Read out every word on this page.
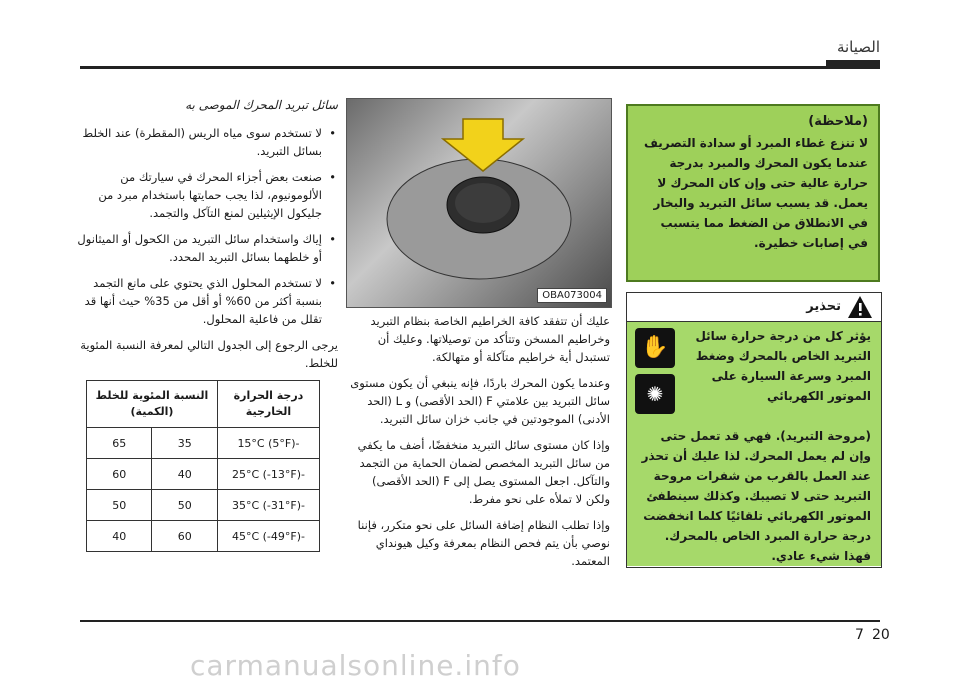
الصيانة
سائل تبريد المحرك الموصى به
• لا تستخدم سوى مياه الريس (المقطرة) عند الخلط بسائل التبريد.
• صنعت بعض أجزاء المحرك في سيارتك من الألومونيوم، لذا يجب حمايتها باستخدام مبرد من جليكول الإيثيلين لمنع التآكل والتجمد.
• إياك واستخدام سائل التبريد من الكحول أو الميثانول أو خلطهما بسائل التبريد المحدد.
• لا تستخدم المحلول الذي يحتوي على مانع التجمد بنسبة أكثر من 60% أو أقل من 35% حيث أنها قد تقلل من فاعلية المحلول.
يرجى الرجوع إلى الجدول التالي لمعرفة النسبة المئوية للخلط.
درجة الحرارة الخارجية	النسبة المئوية للخلط (الكمية)	
-15°C (5°F)	35	65
-25°C (-13°F)	40	60
-35°C (-31°F)	50	50
-45°C (-49°F)	60	40
OBA073004

عليك أن تتفقد كافة الخراطيم الخاصة بنظام التبريد وخراطيم المسخن وتتأكد من توصيلاتها. وعليك أن تستبدل أية خراطيم متآكلة أو متهالكة.

وعندما يكون المحرك باردًا، فإنه ينبغي أن يكون مستوى سائل التبريد بين علامتي F (الحد الأقصى) و L (الحد الأدنى) الموجودتين في جانب خزان سائل التبريد.

وإذا كان مستوى سائل التبريد منخفضًا، أضف ما يكفي من سائل التبريد المخصص لضمان الحماية من التجمد والتآكل. اجعل المستوى يصل إلى F (الحد الأقصى) ولكن لا تملأه على نحو مفرط.

وإذا تطلب النظام إضافة السائل على نحو متكرر، فإننا نوصي بأن يتم فحص النظام بمعرفة وكيل هيونداي المعتمد.

(ملاحظة)
لا تنزع غطاء المبرد أو سدادة التصريف عندما يكون المحرك والمبرد بدرجة حرارة عالية حتى وإن كان المحرك لا يعمل. قد يسبب سائل التبريد والبخار في الانطلاق من الضغط مما يتسبب في إصابات خطيرة.
تحذير
✋
✺
يؤثر كل من درجة حرارة سائل التبريد الخاص بالمحرك وضغط المبرد وسرعة السيارة على الموتور الكهربائي
(مروحة التبريد). فهي قد تعمل حتى وإن لم يعمل المحرك. لذا عليك أن تحذر عند العمل بالقرب من شفرات مروحة التبريد حتى لا تصيبك. وكذلك سينطفئ الموتور الكهربائي تلقائيًا كلما انخفضت درجة حرارة المبرد الخاص بالمحرك. فهذا شيء عادي.
7 20
carmanualsonline.info
